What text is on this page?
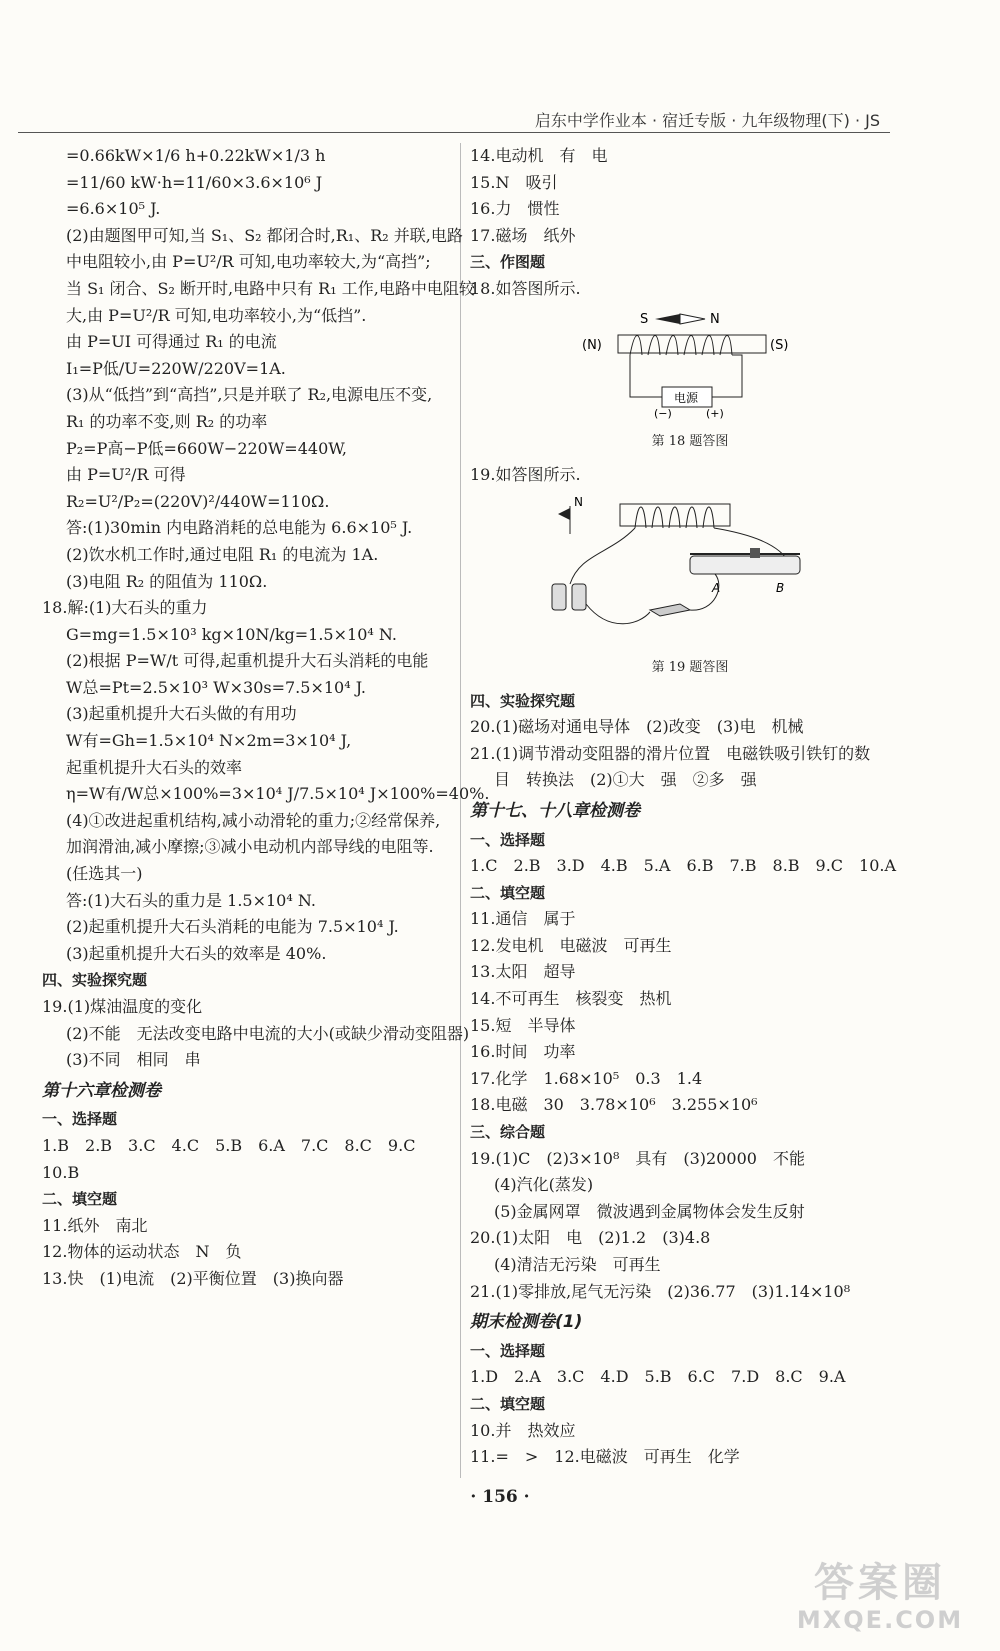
启东中学作业本 · 宿迁专版 · 九年级物理(下) · JS
=0.66kW×1/6 h+0.22kW×1/3 h
=11/60 kW·h=11/60×3.6×10⁶ J
=6.6×10⁵ J.
(2)由题图甲可知,当 S₁、S₂ 都闭合时,R₁、R₂ 并联,电路
中电阻较小,由 P=U²/R 可知,电功率较大,为“高挡”;
当 S₁ 闭合、S₂ 断开时,电路中只有 R₁ 工作,电路中电阻较
大,由 P=U²/R 可知,电功率较小,为“低挡”.
由 P=UI 可得通过 R₁ 的电流
I₁=P低/U=220W/220V=1A.
(3)从“低挡”到“高挡”,只是并联了 R₂,电源电压不变,
R₁ 的功率不变,则 R₂ 的功率
P₂=P高−P低=660W−220W=440W,
由 P=U²/R 可得
R₂=U²/P₂=(220V)²/440W=110Ω.
答:(1)30min 内电路消耗的总电能为 6.6×10⁵ J.
(2)饮水机工作时,通过电阻 R₁ 的电流为 1A.
(3)电阻 R₂ 的阻值为 110Ω.
18.解:(1)大石头的重力
G=mg=1.5×10³ kg×10N/kg=1.5×10⁴ N.
(2)根据 P=W/t 可得,起重机提升大石头消耗的电能
W总=Pt=2.5×10³ W×30s=7.5×10⁴ J.
(3)起重机提升大石头做的有用功
W有=Gh=1.5×10⁴ N×2m=3×10⁴ J,
起重机提升大石头的效率
η=W有/W总×100%=3×10⁴ J/7.5×10⁴ J×100%=40%.
(4)①改进起重机结构,减小动滑轮的重力;②经常保养,
加润滑油,减小摩擦;③减小电动机内部导线的电阻等.
(任选其一)
答:(1)大石头的重力是 1.5×10⁴ N.
(2)起重机提升大石头消耗的电能为 7.5×10⁴ J.
(3)起重机提升大石头的效率是 40%.
四、实验探究题
19.(1)煤油温度的变化
(2)不能　无法改变电路中电流的大小(或缺少滑动变阻器)
(3)不同　相同　串
第十六章检测卷
一、选择题
1.B　2.B　3.C　4.C　5.B　6.A　7.C　8.C　9.C
10.B
二、填空题
11.纸外　南北
12.物体的运动状态　N　负
13.快　(1)电流　(2)平衡位置　(3)换向器
14.电动机　有　电
15.N　吸引
16.力　惯性
17.磁场　纸外
三、作图题
18.如答图所示.
S	N
(N)	(S)
电源
(−)	(+)
第 18 题答图
19.如答图所示.
N
A	B
第 19 题答图
四、实验探究题
20.(1)磁场对通电导体　(2)改变　(3)电　机械
21.(1)调节滑动变阻器的滑片位置　电磁铁吸引铁钉的数
目　转换法　(2)①大　强　②多　强
第十七、十八章检测卷
一、选择题
1.C　2.B　3.D　4.B　5.A　6.B　7.B　8.B　9.C　10.A
二、填空题
11.通信　属于
12.发电机　电磁波　可再生
13.太阳　超导
14.不可再生　核裂变　热机
15.短　半导体
16.时间　功率
17.化学　1.68×10⁵　0.3　1.4
18.电磁　30　3.78×10⁶　3.255×10⁶
三、综合题
19.(1)C　(2)3×10⁸　具有　(3)20000　不能
(4)汽化(蒸发)
(5)金属网罩　微波遇到金属物体会发生反射
20.(1)太阳　电　(2)1.2　(3)4.8
(4)清洁无污染　可再生
21.(1)零排放,尾气无污染　(2)36.77　(3)1.14×10⁸
期末检测卷(1)
一、选择题
1.D　2.A　3.C　4.D　5.B　6.C　7.D　8.C　9.A
二、填空题
10.并　热效应
11.=　>　12.电磁波　可再生　化学
· 156 ·
答案圈
MXQE.COM
